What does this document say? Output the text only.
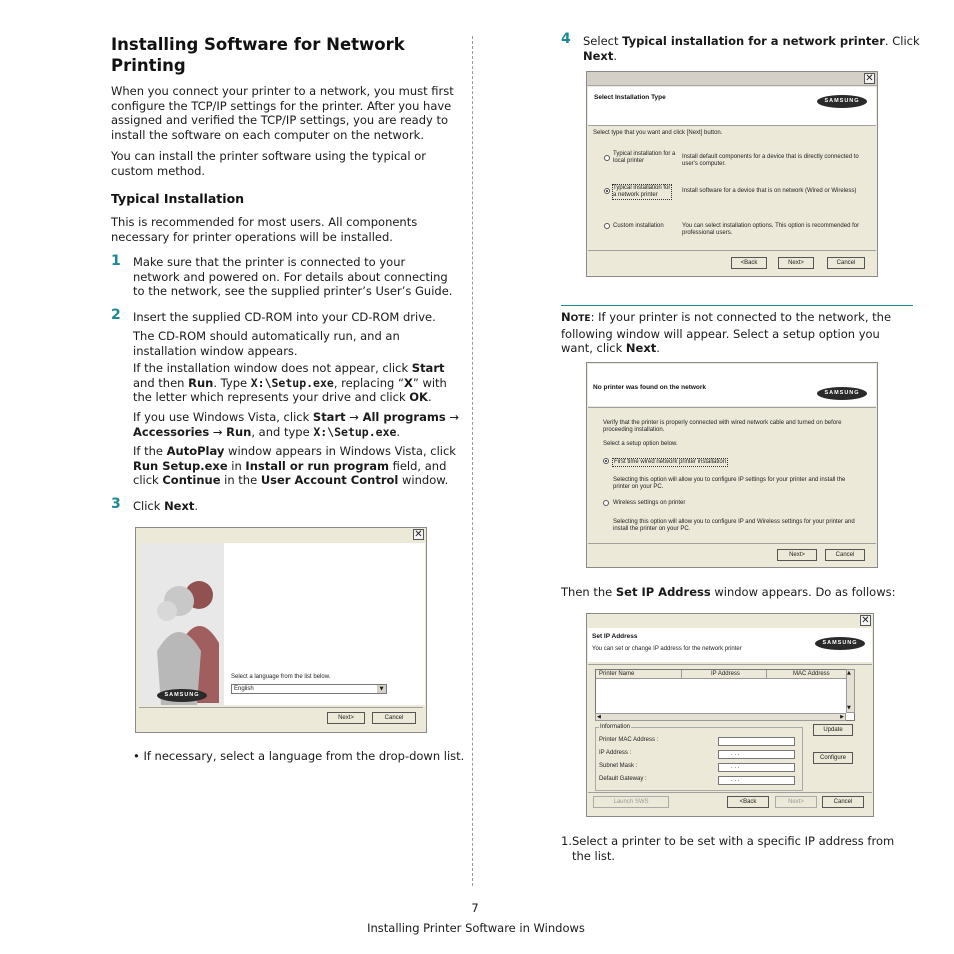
Installing Software for Network Printing

When you connect your printer to a network, you must first configure the TCP/IP settings for the printer. After you have assigned and verified the TCP/IP settings, you are ready to install the software on each computer on the network.

You can install the printer software using the typical or custom method.

Typical Installation

This is recommended for most users. All components necessary for printer operations will be installed.

1 Make sure that the printer is connected to your network and powered on. For details about connecting to the network, see the supplied printer’s User’s Guide.

2 Insert the supplied CD-ROM into your CD-ROM drive.

The CD-ROM should automatically run, and an installation window appears.

If the installation window does not appear, click Start and then Run. Type X:\Setup.exe, replacing “X” with the letter which represents your drive and click OK.

If you use Windows Vista, click Start → All programs → Accessories → Run, and type X:\Setup.exe.

If the AutoPlay window appears in Windows Vista, click Run Setup.exe in Install or run program field, and click Continue in the User Account Control window.

3 Click Next.

✕
SAMSUNG
Select a language from the list below.
English	▼
Next>	Cancel

• If necessary, select a language from the drop-down list.

4 Select Typical installation for a network printer. Click Next.

✕
Select Installation Type	SAMSUNG
Select type that you want and click [Next] button.
Typical installation for a local printer
Install default components for a device that is directly connected to user's computer.
Typical installation for a network printer
Install software for a device that is on network (Wired or Wireless)
Custom installation	You can select installation options. This option is recommended for professional users.
<Back	Next>	Cancel

NOTE: If your printer is not connected to the network, the following window will appear. Select a setup option you want, click Next.

No printer was found on the network
SAMSUNG
Verify that the printer is properly connected with wired network cable and turned on before proceeding installation.
Select a setup option below.
First time wired network printer installation
Selecting this option will allow you to configure IP settings for your printer and install the printer on your PC.
Wireless settings on printer
Selecting this option will allow you to configure IP and Wireless settings for your printer and install the printer on your PC.
Next>	Cancel

Then the Set IP Address window appears. Do as follows:

✕
Set IP Address
You can set or change IP address for the network printer
SAMSUNG
Printer Name	IP Address	MAC Address	▲
▼
◀	▶
Information
Printer MAC Address :
IP Address :	. . .
Subnet Mask :	. . .
Default Gateway :	. . .
Update
Configure
Launch SWS	<Back	Next>	Cancel

1.Select a printer to be set with a specific IP address from the list.

7
Installing Printer Software in Windows
